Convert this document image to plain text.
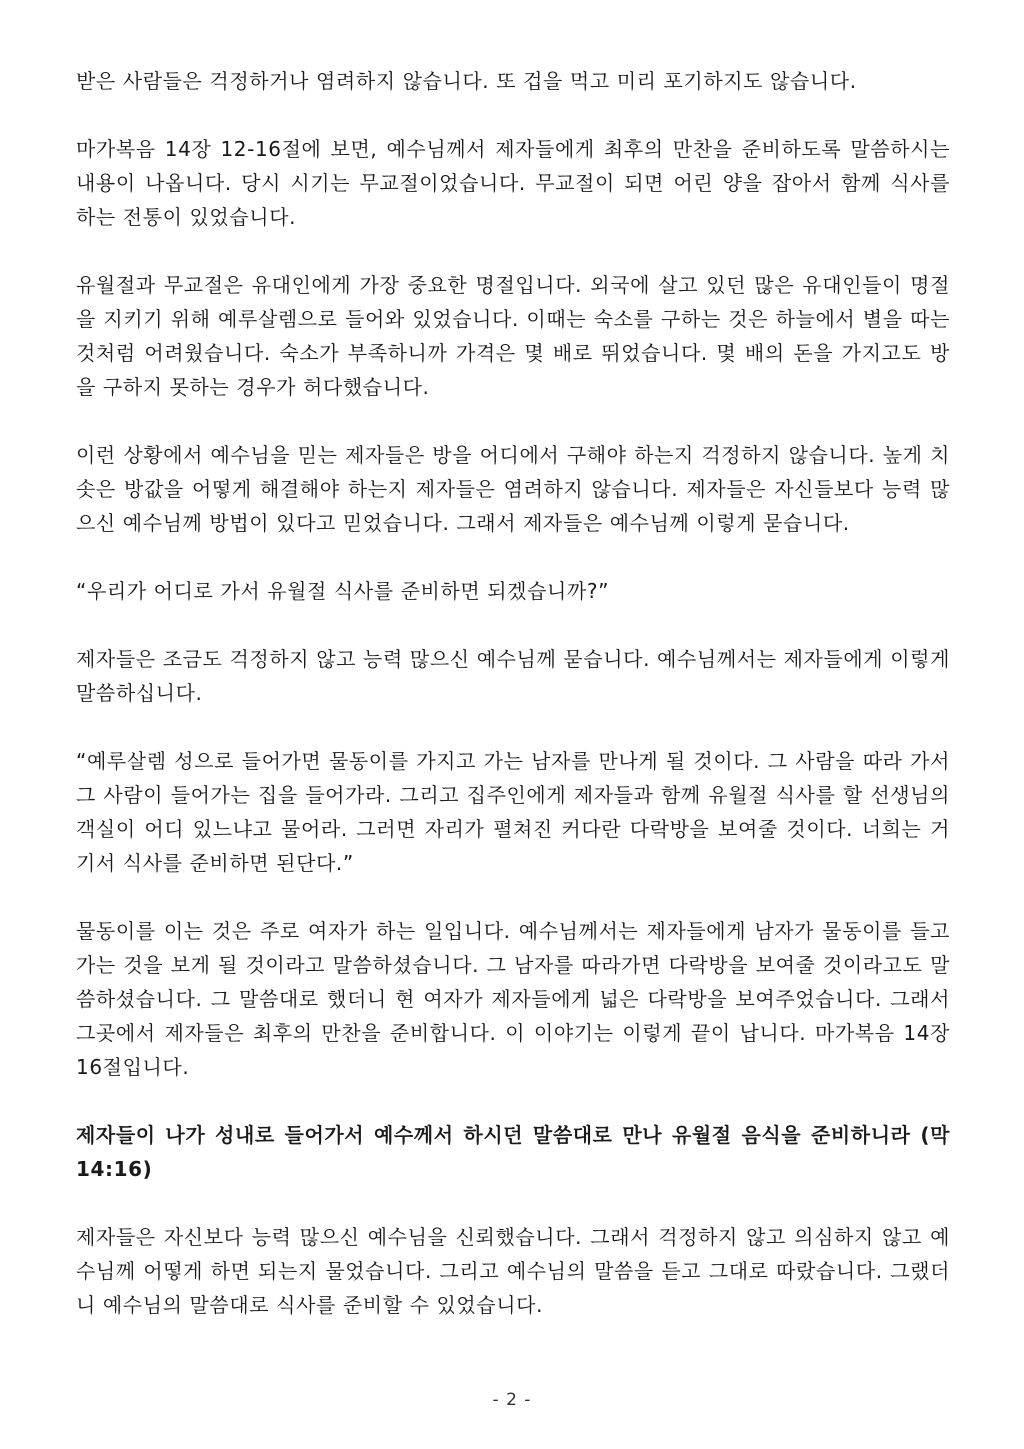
받은 사람들은 걱정하거나 염려하지 않습니다. 또 겁을 먹고 미리 포기하지도 않습니다.

마가복음 14장 12-16절에 보면, 예수님께서 제자들에게 최후의 만찬을 준비하도록 말씀하시는 내용이 나옵니다. 당시 시기는 무교절이었습니다. 무교절이 되면 어린 양을 잡아서 함께 식사를 하는 전통이 있었습니다.

유월절과 무교절은 유대인에게 가장 중요한 명절입니다. 외국에 살고 있던 많은 유대인들이 명절을 지키기 위해 예루살렘으로 들어와 있었습니다. 이때는 숙소를 구하는 것은 하늘에서 별을 따는 것처럼 어려웠습니다. 숙소가 부족하니까 가격은 몇 배로 뛰었습니다. 몇 배의 돈을 가지고도 방을 구하지 못하는 경우가 허다했습니다.

이런 상황에서 예수님을 믿는 제자들은 방을 어디에서 구해야 하는지 걱정하지 않습니다. 높게 치솟은 방값을 어떻게 해결해야 하는지 제자들은 염려하지 않습니다. 제자들은 자신들보다 능력 많으신 예수님께 방법이 있다고 믿었습니다. 그래서 제자들은 예수님께 이렇게 묻습니다.

“우리가 어디로 가서 유월절 식사를 준비하면 되겠습니까?”

제자들은 조금도 걱정하지 않고 능력 많으신 예수님께 묻습니다. 예수님께서는 제자들에게 이렇게 말씀하십니다.

“예루살렘 성으로 들어가면 물동이를 가지고 가는 남자를 만나게 될 것이다. 그 사람을 따라 가서 그 사람이 들어가는 집을 들어가라. 그리고 집주인에게 제자들과 함께 유월절 식사를 할 선생님의 객실이 어디 있느냐고 물어라. 그러면 자리가 펼쳐진 커다란 다락방을 보여줄 것이다. 너희는 거기서 식사를 준비하면 된단다.”

물동이를 이는 것은 주로 여자가 하는 일입니다. 예수님께서는 제자들에게 남자가 물동이를 들고 가는 것을 보게 될 것이라고 말씀하셨습니다. 그 남자를 따라가면 다락방을 보여줄 것이라고도 말씀하셨습니다. 그 말씀대로 했더니 현 여자가 제자들에게 넓은 다락방을 보여주었습니다. 그래서 그곳에서 제자들은 최후의 만찬을 준비합니다. 이 이야기는 이렇게 끝이 납니다. 마가복음 14장 16절입니다.

제자들이 나가 성내로 들어가서 예수께서 하시던 말씀대로 만나 유월절 음식을 준비하니라 (막 14:16)

제자들은 자신보다 능력 많으신 예수님을 신뢰했습니다. 그래서 걱정하지 않고 의심하지 않고 예수님께 어떻게 하면 되는지 물었습니다. 그리고 예수님의 말씀을 듣고 그대로 따랐습니다. 그랬더니 예수님의 말씀대로 식사를 준비할 수 있었습니다.

- 2 -
